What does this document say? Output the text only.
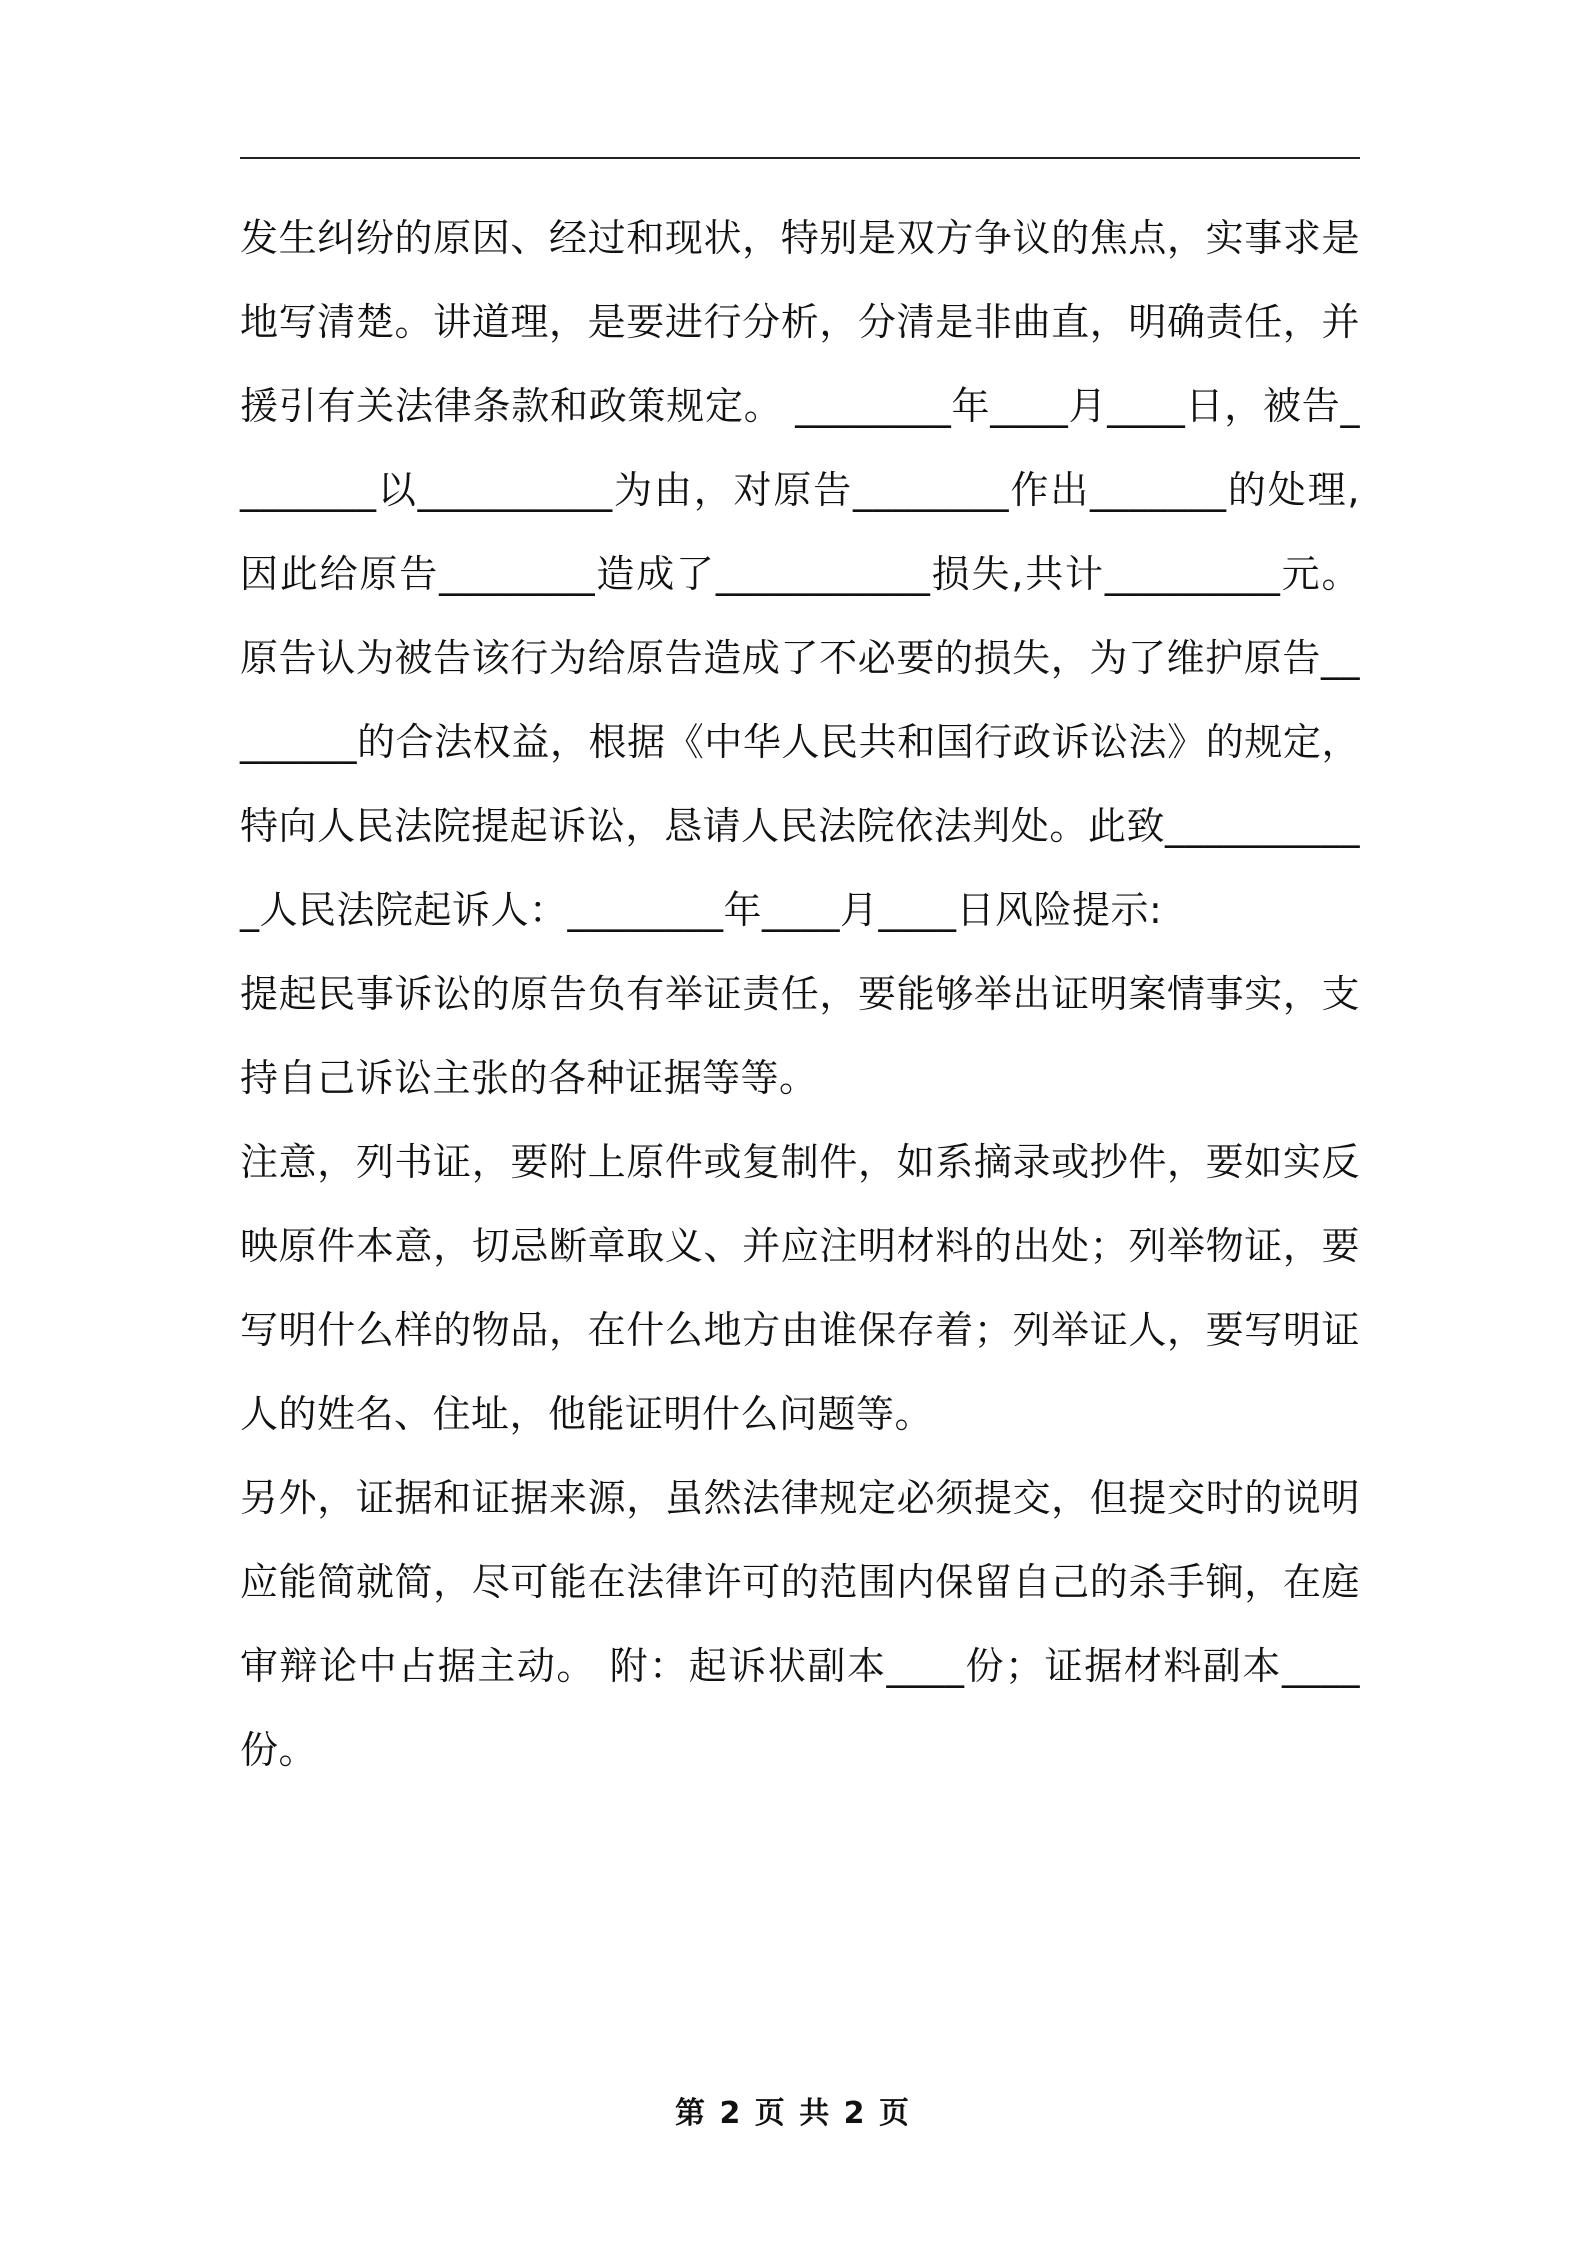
发生纠纷的原因、经过和现状，特别是双方争议的焦点，实事求是地写清楚。讲道理，是要进行分析，分清是非曲直，明确责任，并援引有关法律条款和政策规定。 ________年____月____日，被告________以__________为由，对原告________作出_______的处理,因此给原告________造成了___________损失,共计_________元。原告认为被告该行为给原告造成了不必要的损失，为了维护原告________的合法权益，根据《中华人民共和国行政诉讼法》的规定，特向人民法院提起诉讼，恳请人民法院依法判处。此致___________人民法院起诉人：________年____月____日风险提示:

提起民事诉讼的原告负有举证责任，要能够举出证明案情事实，支持自己诉讼主张的各种证据等等。

注意，列书证，要附上原件或复制件，如系摘录或抄件，要如实反映原件本意，切忌断章取义、并应注明材料的出处；列举物证，要写明什么样的物品，在什么地方由谁保存着；列举证人，要写明证人的姓名、住址，他能证明什么问题等。

另外，证据和证据来源，虽然法律规定必须提交，但提交时的说明应能简就简，尽可能在法律许可的范围内保留自己的杀手锏，在庭审辩论中占据主动。 附：起诉状副本____份；证据材料副本____份。

第 2 页 共 2 页
